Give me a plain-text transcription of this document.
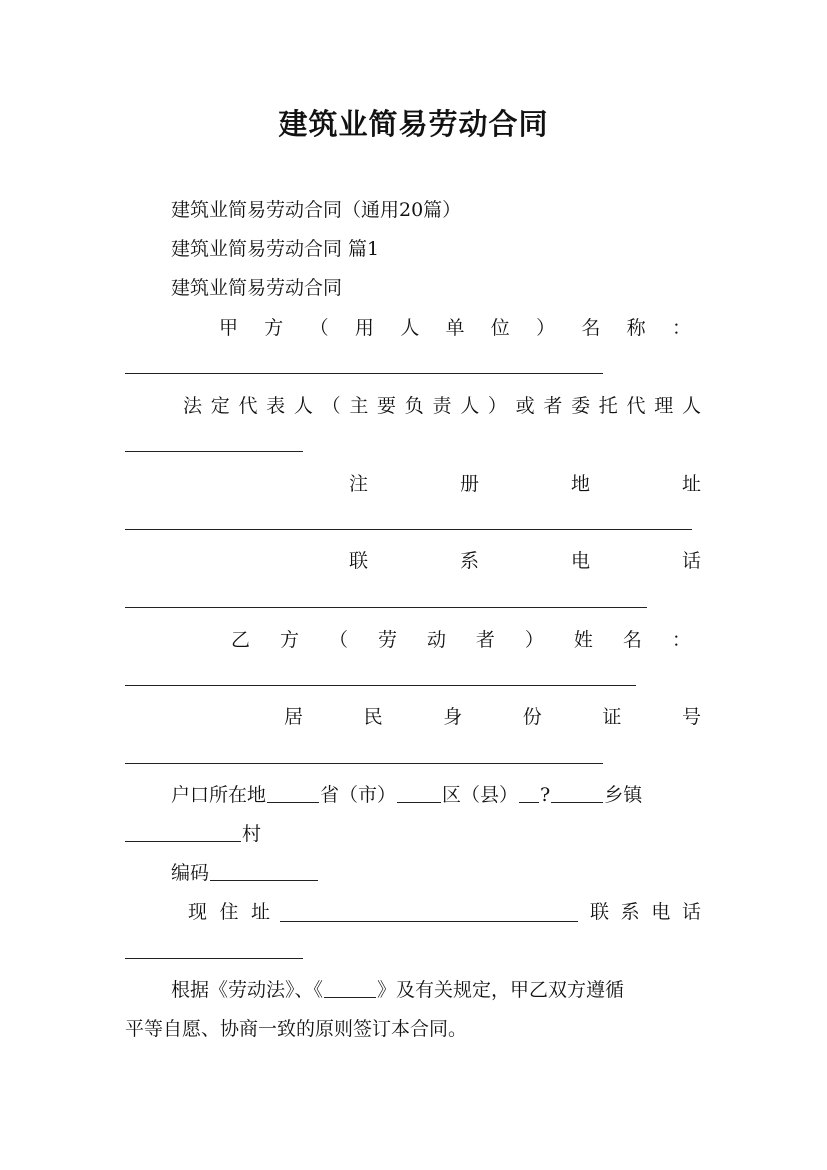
建筑业简易劳动合同
建筑业简易劳动合同（通用20篇）
建筑业简易劳动合同 篇1
建筑业简易劳动合同
甲 方 （ 用 人 单 位 ） 名 称 ：
法 定 代 表 人 （ 主 要 负 责 人 ） 或 者 委 托 代 理 人
注	册	地	址
联	系	电	话
乙 方 （ 劳 动 者 ） 姓 名 ：
居	民	身	份	证	号
户口所在地	省（市） 区（县） ?	乡镇
村
编码
现 住 址	联 系 电 话
根据《劳动法》、《	》及有关规定，甲乙双方遵循
平等自愿、协商一致的原则签订本合同。
